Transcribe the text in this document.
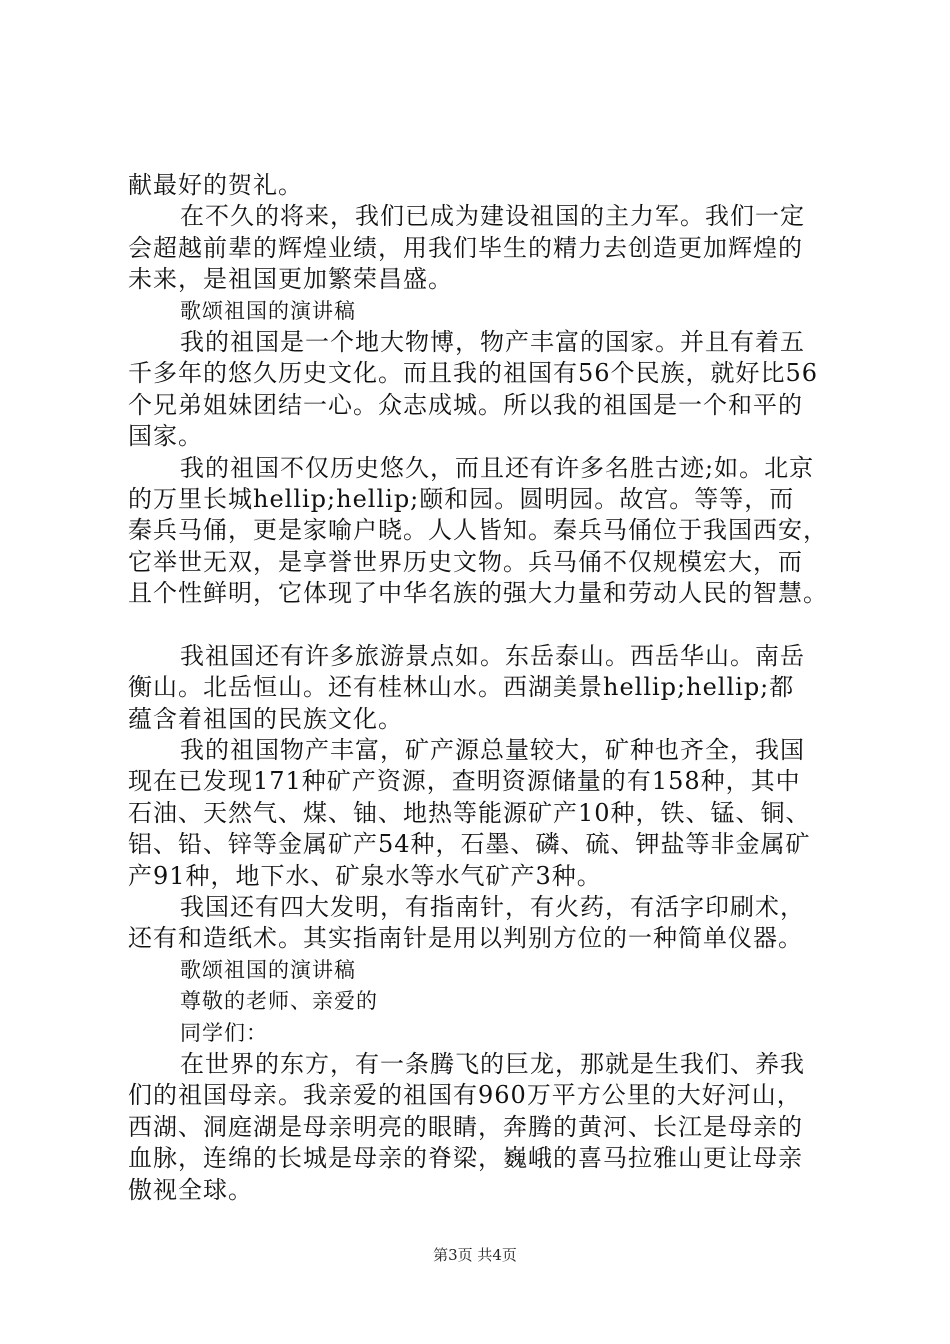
献最好的贺礼。
在不久的将来，我们已成为建设祖国的主力军。我们一定
会超越前辈的辉煌业绩，用我们毕生的精力去创造更加辉煌的
未来，是祖国更加繁荣昌盛。
歌颂祖国的演讲稿
我的祖国是一个地大物博，物产丰富的国家。并且有着五
千多年的悠久历史文化。而且我的祖国有56个民族，就好比56
个兄弟姐妹团结一心。众志成城。所以我的祖国是一个和平的
国家。
我的祖国不仅历史悠久，而且还有许多名胜古迹;如。北京
的万里长城hellip;hellip;颐和园。圆明园。故宫。等等，而
秦兵马俑，更是家喻户晓。人人皆知。秦兵马俑位于我国西安，
它举世无双，是享誉世界历史文物。兵马俑不仅规模宏大，而
且个性鲜明，它体现了中华名族的强大力量和劳动人民的智慧。
我祖国还有许多旅游景点如。东岳泰山。西岳华山。南岳
衡山。北岳恒山。还有桂林山水。西湖美景hellip;hellip;都
蕴含着祖国的民族文化。
我的祖国物产丰富，矿产源总量较大，矿种也齐全，我国
现在已发现171种矿产资源，查明资源储量的有158种，其中
石油、天然气、煤、铀、地热等能源矿产10种，铁、锰、铜、
铝、铅、锌等金属矿产54种，石墨、磷、硫、钾盐等非金属矿
产91种，地下水、矿泉水等水气矿产3种。
我国还有四大发明，有指南针，有火药，有活字印刷术，
还有和造纸术。其实指南针是用以判别方位的一种简单仪器。
歌颂祖国的演讲稿
尊敬的老师、亲爱的
同学们：
在世界的东方，有一条腾飞的巨龙，那就是生我们、养我
们的祖国母亲。我亲爱的祖国有960万平方公里的大好河山，
西湖、洞庭湖是母亲明亮的眼睛，奔腾的黄河、长江是母亲的
血脉，连绵的长城是母亲的脊梁，巍峨的喜马拉雅山更让母亲
傲视全球。
第3页 共4页
